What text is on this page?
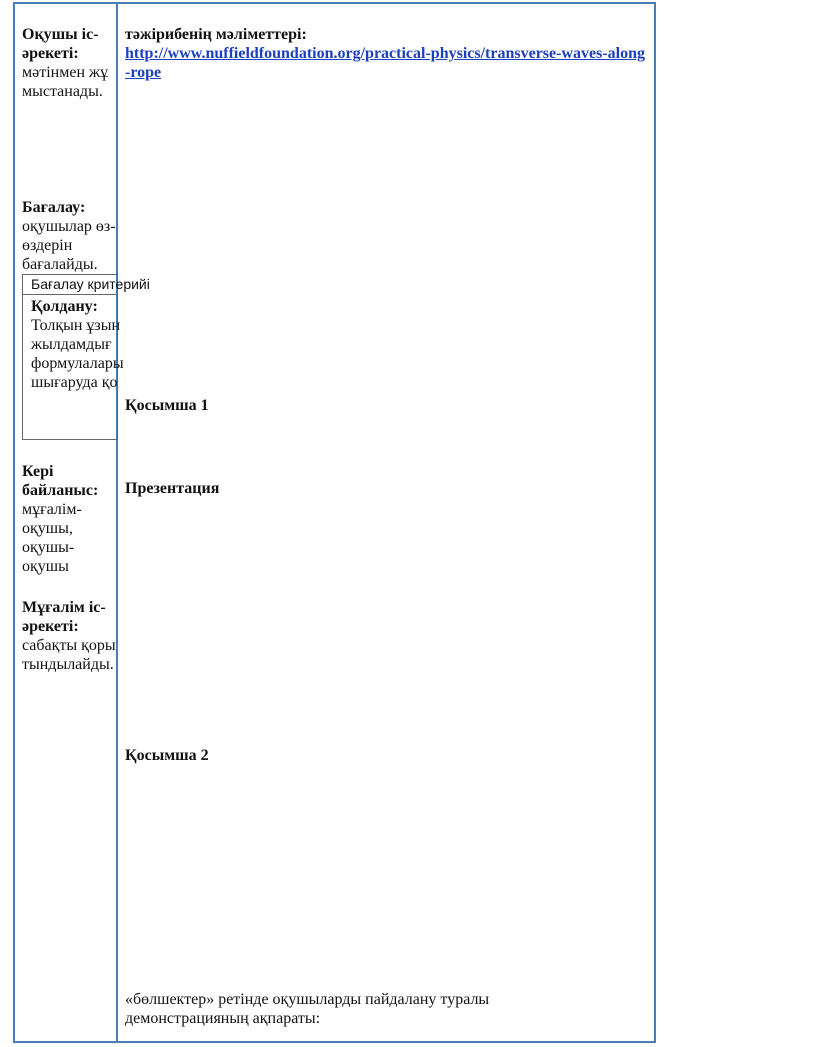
Оқушы іс-әрекеті:

мәтінмен жұмыстанады.

Бағалау:

оқушылар өз-өздерін бағалайды.

Бағалау критерийі

Қолдану:

Толқын ұзын

жылдамдығ

формулалары

шығаруда қо

Кері байланыс:

мұғалім-оқушы, оқушы-оқушы

Мұғалім іс-әрекеті:

сабақты қорытындылайды.

тәжірибенің мәліметтері:

http://www.nuffieldfoundation.org/practical-physics/transverse-waves-along-rope

Қосымша 1

Презентация

Қосымша 2

«бөлшектер» ретінде оқушыларды пайдалану туралы демонстрацияның ақпараты:
